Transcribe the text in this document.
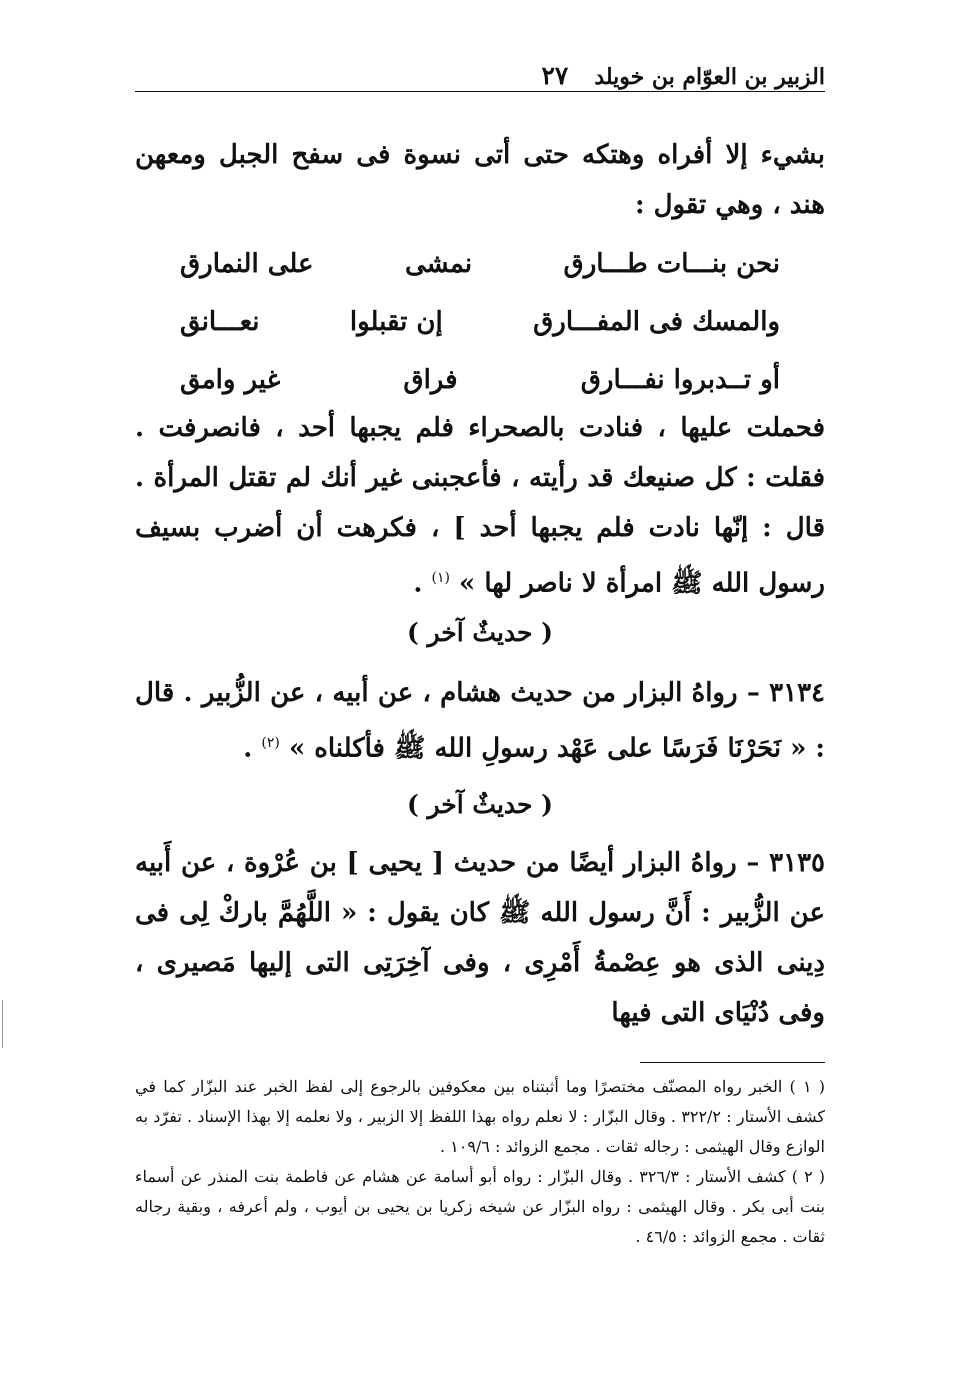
الزبير بن العوّام بن خويلد
٢٧

بشيء إلا أفراه وهتكه حتى أتى نسوة فى سفح الجبل ومعهن هند ، وهي تقول :

نحن بنـــات طـــارق
نمشى
على النمارق
والمسك فى المفـــارق
إن تقبلوا
نعـــانق
أو تــدبروا نفـــارق
فراق
غير وامق

فحملت عليها ، فنادت بالصحراء فلم يجبها أحد ، فانصرفت . فقلت : كل صنيعك قد رأيته ، فأعجبنى غير أنك لم تقتل المرأة . قال : إنّها نادت فلم يجبها أحد ] ، فكرهت أن أضرب بسيف رسول الله ﷺ امرأة لا ناصر لها » $^{(١)}$ .

( حديثٌ آخر )

٣١٣٤ – رواهُ البزار من حديث هشام ، عن أبيه ، عن الزُّبير . قال : « نَحَرْنَا فَرَسًا على عَهْد رسولِ الله ﷺ فأكلناه » $^{(٢)}$ .

( حديثٌ آخر )

٣١٣٥ – رواهُ البزار أيضًا من حديث [ يحيى ] بن عُرْوة ، عن أَبيه عن الزُّبير : أَنَّ رسول الله ﷺ كان يقول : « اللَّهُمَّ باركْ لِى فى دِينى الذى هو عِصْمةُ أَمْرِى ، وفى آخِرَتِى التى إليها مَصيرى ، وفى دُنْيَاى التى فيها

( ١ ) الخبر رواه المصنّف مختصرًا وما أثبتناه بين معكوفين بالرجوع إلى لفظ الخبر عند البزّار كما في كشف الأستار : ٣٢٢/٢ . وقال البزّار : لا نعلم رواه بهذا اللفظ إلا الزبير ، ولا نعلمه إلا بهذا الإسناد . تفرّد به الوازع وقال الهيثمى : رجاله ثقات . مجمع الزوائد : ١٠٩/٦ .

( ٢ ) كشف الأستار : ٣٢٦/٣ . وقال البزّار : رواه أبو أسامة عن هشام عن فاطمة بنت المنذر عن أسماء بنت أبى بكر . وقال الهيثمى : رواه البزّار عن شيخه زكريا بن يحيى بن أيوب ، ولم أعرفه ، وبقية رجاله ثقات . مجمع الزوائد : ٤٦/٥ .
